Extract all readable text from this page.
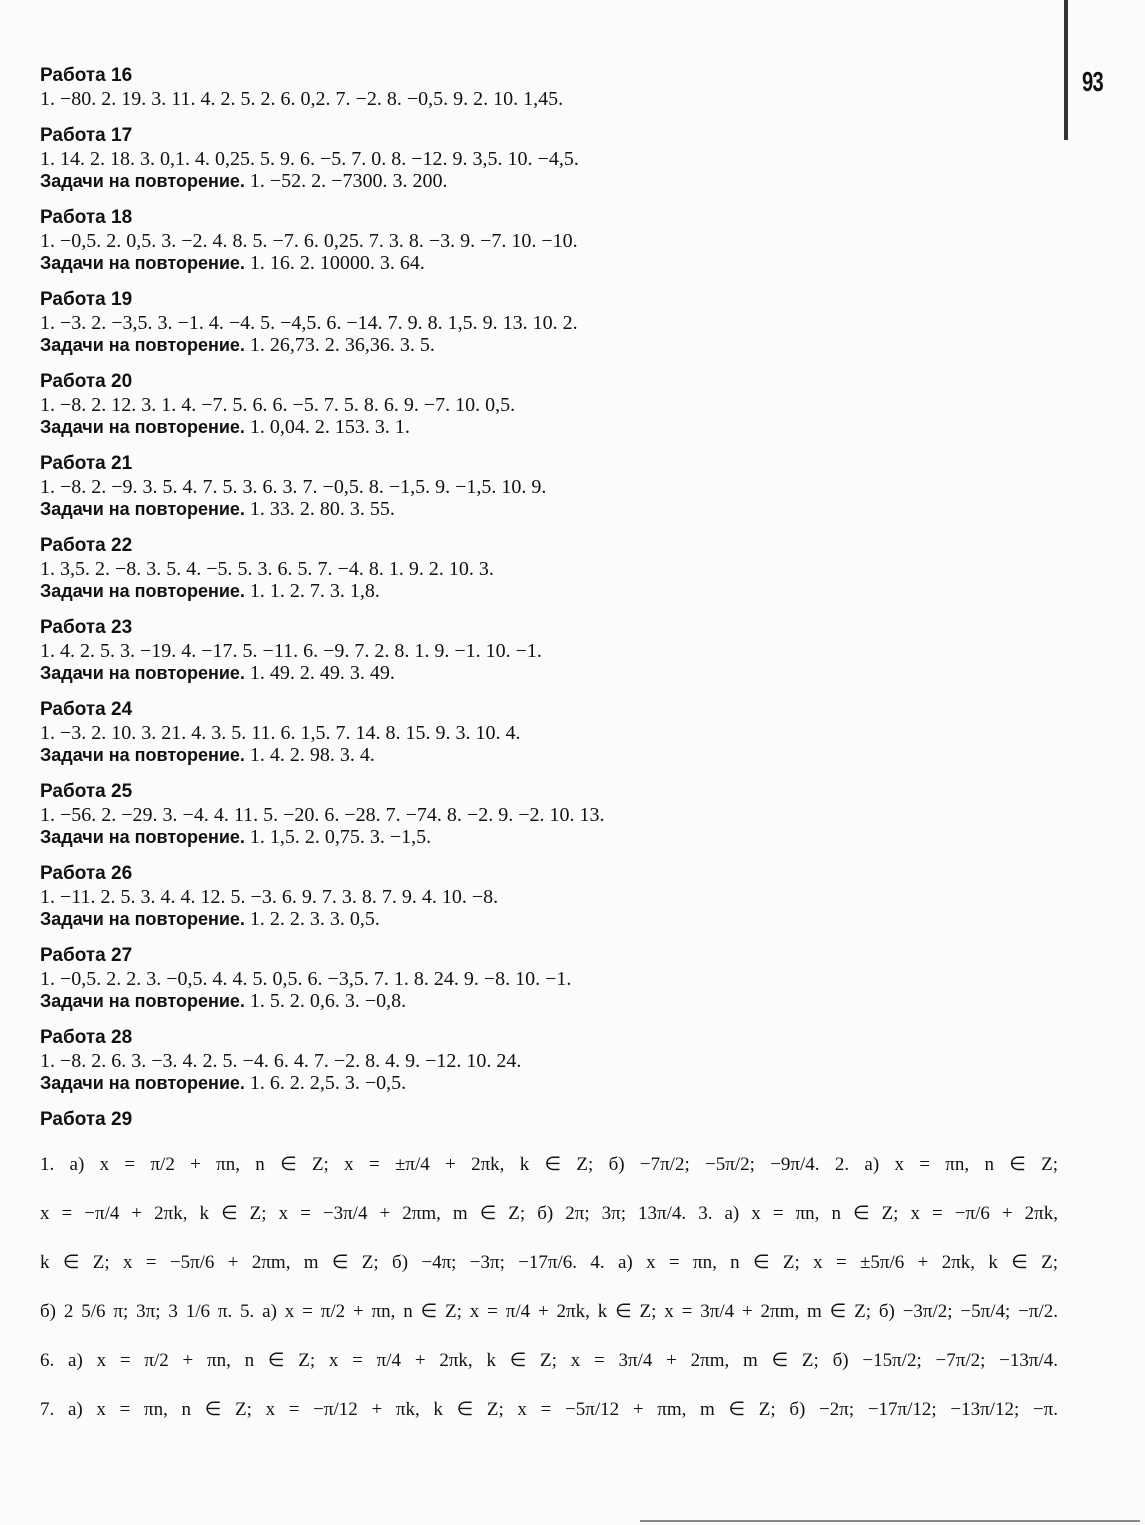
93
Работа 16
1. −80. 2. 19. 3. 11. 4. 2. 5. 2. 6. 0,2. 7. −2. 8. −0,5. 9. 2. 10. 1,45.
Работа 17
1. 14. 2. 18. 3. 0,1. 4. 0,25. 5. 9. 6. −5. 7. 0. 8. −12. 9. 3,5. 10. −4,5.
Задачи на повторение. 1. −52. 2. −7300. 3. 200.
Работа 18
1. −0,5. 2. 0,5. 3. −2. 4. 8. 5. −7. 6. 0,25. 7. 3. 8. −3. 9. −7. 10. −10.
Задачи на повторение. 1. 16. 2. 10000. 3. 64.
Работа 19
1. −3. 2. −3,5. 3. −1. 4. −4. 5. −4,5. 6. −14. 7. 9. 8. 1,5. 9. 13. 10. 2.
Задачи на повторение. 1. 26,73. 2. 36,36. 3. 5.
Работа 20
1. −8. 2. 12. 3. 1. 4. −7. 5. 6. 6. −5. 7. 5. 8. 6. 9. −7. 10. 0,5.
Задачи на повторение. 1. 0,04. 2. 153. 3. 1.
Работа 21
1. −8. 2. −9. 3. 5. 4. 7. 5. 3. 6. 3. 7. −0,5. 8. −1,5. 9. −1,5. 10. 9.
Задачи на повторение. 1. 33. 2. 80. 3. 55.
Работа 22
1. 3,5. 2. −8. 3. 5. 4. −5. 5. 3. 6. 5. 7. −4. 8. 1. 9. 2. 10. 3.
Задачи на повторение. 1. 1. 2. 7. 3. 1,8.
Работа 23
1. 4. 2. 5. 3. −19. 4. −17. 5. −11. 6. −9. 7. 2. 8. 1. 9. −1. 10. −1.
Задачи на повторение. 1. 49. 2. 49. 3. 49.
Работа 24
1. −3. 2. 10. 3. 21. 4. 3. 5. 11. 6. 1,5. 7. 14. 8. 15. 9. 3. 10. 4.
Задачи на повторение. 1. 4. 2. 98. 3. 4.
Работа 25
1. −56. 2. −29. 3. −4. 4. 11. 5. −20. 6. −28. 7. −74. 8. −2. 9. −2. 10. 13.
Задачи на повторение. 1. 1,5. 2. 0,75. 3. −1,5.
Работа 26
1. −11. 2. 5. 3. 4. 4. 12. 5. −3. 6. 9. 7. 3. 8. 7. 9. 4. 10. −8.
Задачи на повторение. 1. 2. 2. 3. 3. 0,5.
Работа 27
1. −0,5. 2. 2. 3. −0,5. 4. 4. 5. 0,5. 6. −3,5. 7. 1. 8. 24. 9. −8. 10. −1.
Задачи на повторение. 1. 5. 2. 0,6. 3. −0,8.
Работа 28
1. −8. 2. 6. 3. −3. 4. 2. 5. −4. 6. 4. 7. −2. 8. 4. 9. −12. 10. 24.
Задачи на повторение. 1. 6. 2. 2,5. 3. −0,5.
Работа 29
1. а) x = π/2 + πn, n ∈ Z; x = ±π/4 + 2πk, k ∈ Z; б) −7π/2; −5π/2; −9π/4. 2. а) x = πn, n ∈ Z;
x = −π/4 + 2πk, k ∈ Z; x = −3π/4 + 2πm, m ∈ Z; б) 2π; 3π; 13π/4. 3. а) x = πn, n ∈ Z; x = −π/6 + 2πk,
k ∈ Z; x = −5π/6 + 2πm, m ∈ Z; б) −4π; −3π; −17π/6. 4. а) x = πn, n ∈ Z; x = ±5π/6 + 2πk, k ∈ Z;
б) 2 5/6 π; 3π; 3 1/6 π. 5. а) x = π/2 + πn, n ∈ Z; x = π/4 + 2πk, k ∈ Z; x = 3π/4 + 2πm, m ∈ Z; б) −3π/2; −5π/4; −π/2.
6. а) x = π/2 + πn, n ∈ Z; x = π/4 + 2πk, k ∈ Z; x = 3π/4 + 2πm, m ∈ Z; б) −15π/2; −7π/2; −13π/4.
7. а) x = πn, n ∈ Z; x = −π/12 + πk, k ∈ Z; x = −5π/12 + πm, m ∈ Z; б) −2π; −17π/12; −13π/12; −π.
